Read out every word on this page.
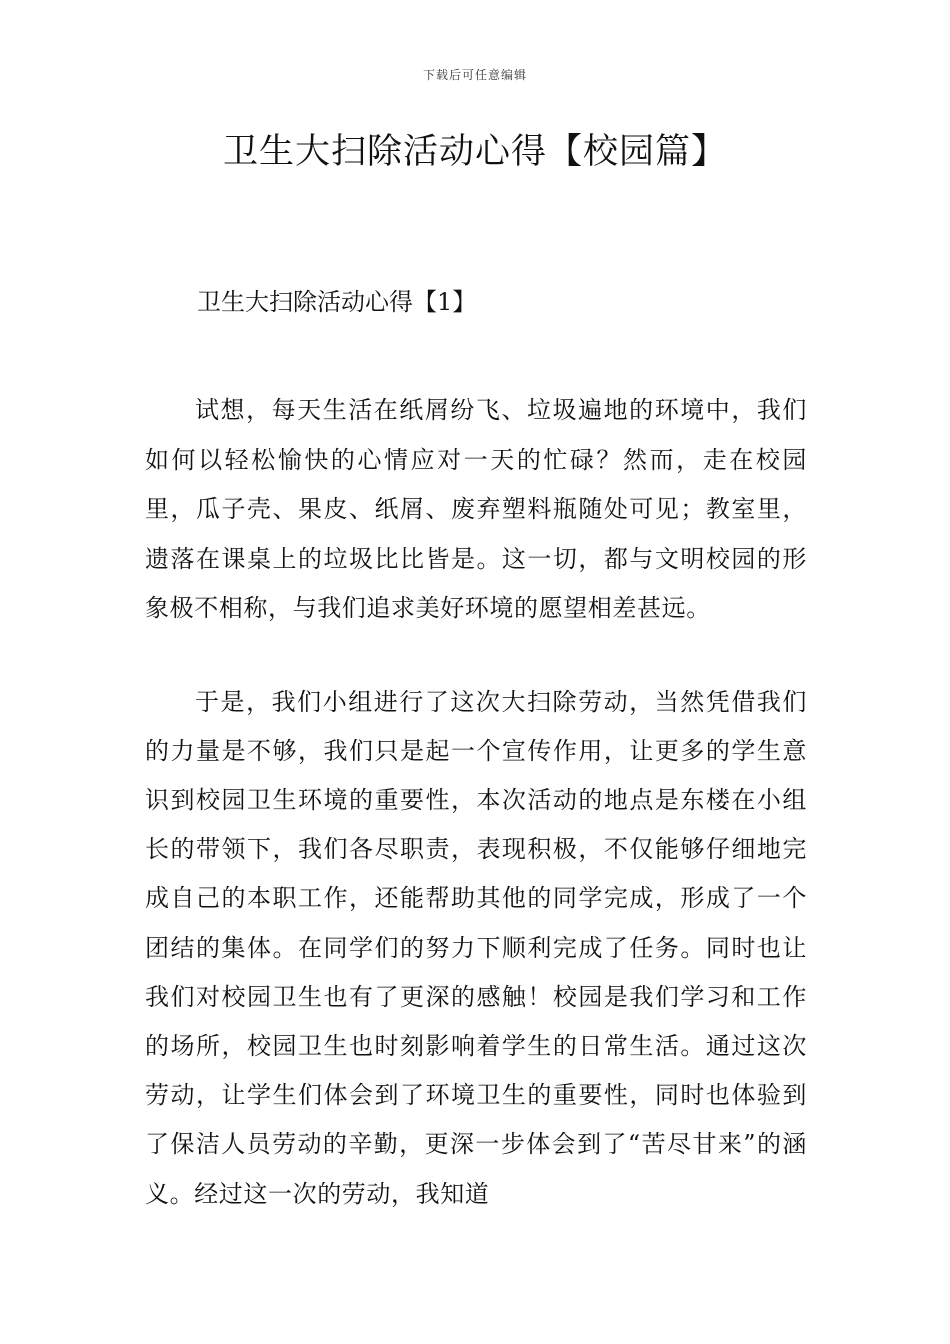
下载后可任意编辑
卫生大扫除活动心得【校园篇】

卫生大扫除活动心得【1】

试想，每天生活在纸屑纷飞、垃圾遍地的环境中，我们如何以轻松愉快的心情应对一天的忙碌？然而，走在校园里，瓜子壳、果皮、纸屑、废弃塑料瓶随处可见；教室里，遗落在课桌上的垃圾比比皆是。这一切，都与文明校园的形象极不相称，与我们追求美好环境的愿望相差甚远。

于是，我们小组进行了这次大扫除劳动，当然凭借我们的力量是不够，我们只是起一个宣传作用，让更多的学生意识到校园卫生环境的重要性，本次活动的地点是东楼在小组长的带领下，我们各尽职责，表现积极，不仅能够仔细地完成自己的本职工作，还能帮助其他的同学完成，形成了一个团结的集体。在同学们的努力下顺利完成了任务。同时也让我们对校园卫生也有了更深的感触！校园是我们学习和工作的场所，校园卫生也时刻影响着学生的日常生活。通过这次劳动，让学生们体会到了环境卫生的重要性，同时也体验到了保洁人员劳动的辛勤，更深一步体会到了“苦尽甘来”的涵义。经过这一次的劳动，我知道
